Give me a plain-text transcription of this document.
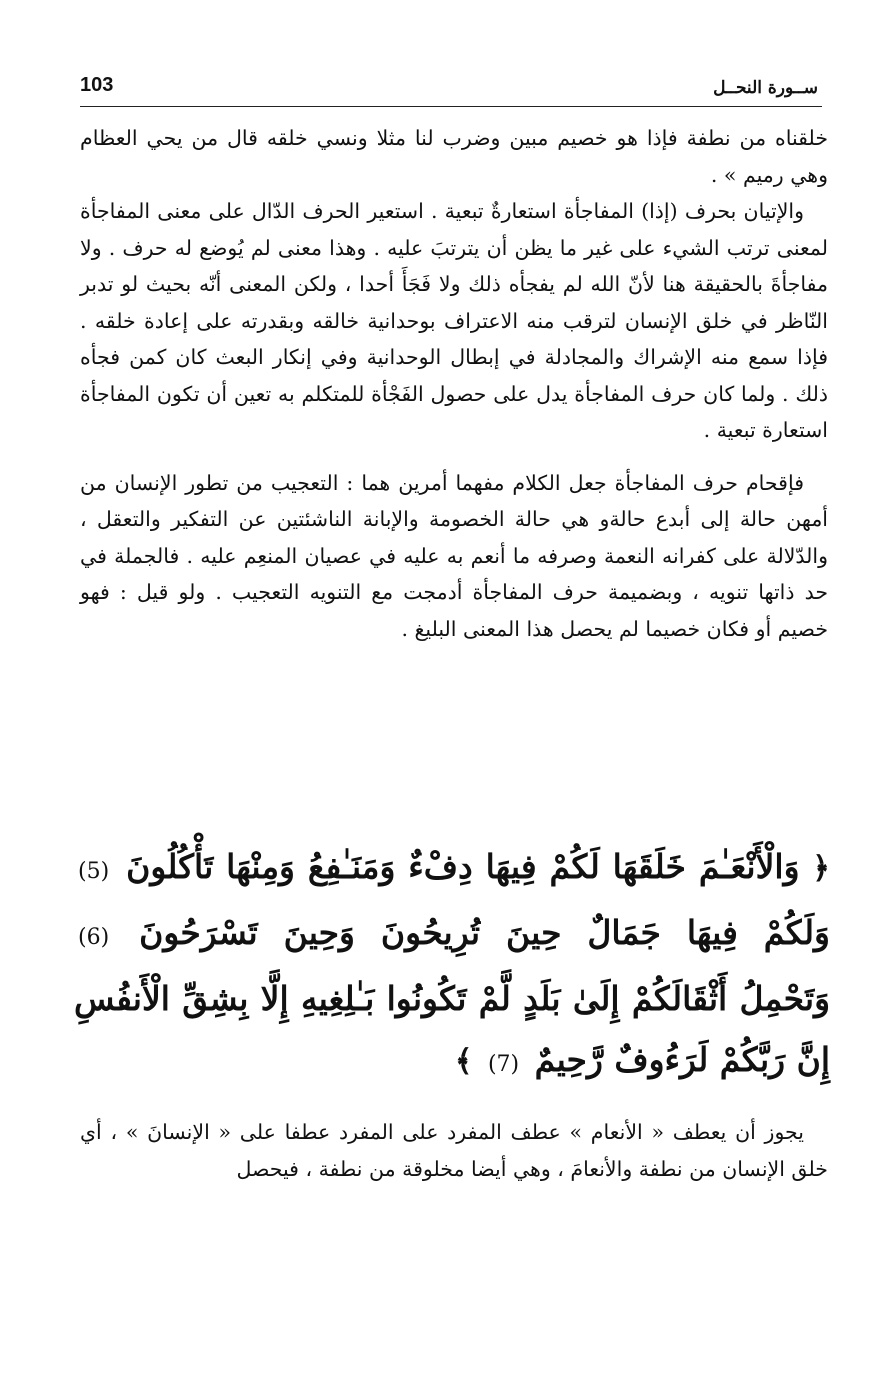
103	ســورة النحــل

خلقناه من نطفة فإذا هو خصيم مبين وضرب لنا مثلا ونسي خلقه قال من يحي العظام وهي رميم » .

والإتيان بحرف (إذا) المفاجأة استعارةٌ تبعية . استعير الحرف الدّال على معنى المفاجأة لمعنى ترتب الشيء على غير ما يظن أن يترتبَ عليه . وهذا معنى لم يُوضع له حرف . ولا مفاجأةَ بالحقيقة هنا لأنّ الله لم يفجأه ذلك ولا فَجَأَ أحدا ، ولكن المعنى أنّه بحيث لو تدبر النّاظر في خلق الإنسان لترقب منه الاعتراف بوحدانية خالقه وبقدرته على إعادة خلقه . فإذا سمع منه الإشراك والمجادلة في إبطال الوحدانية وفي إنكار البعث كان كمن فجأه ذلك . ولما كان حرف المفاجأة يدل على حصول الفَجْأة للمتكلم به تعين أن تكون المفاجأة استعارة تبعية .

فإقحام حرف المفاجأة جعل الكلام مفهما أمرين هما : التعجيب من تطور الإنسان من أمهن حالة إلى أبدع حالةو هي حالة الخصومة والإبانة الناشئتين عن التفكير والتعقل ، والدّلالة على كفرانه النعمة وصرفه ما أنعم به عليه في عصيان المنعِم عليه . فالجملة في حد ذاتها تنويه ، وبضميمة حرف المفاجأة أدمجت مع التنويه التعجيب . ولو قيل : فهو خصيم أو فكان خصيما لم يحصل هذا المعنى البليغ .

﴿ وَالْأَنْعَـٰمَ خَلَقَهَا لَكُمْ فِيهَا دِفْءٌ وَمَنَـٰفِعُ وَمِنْهَا تَأْكُلُونَ (5) وَلَكُمْ فِيهَا جَمَالٌ حِينَ تُرِيحُونَ وَحِينَ تَسْرَحُونَ (6) وَتَحْمِلُ أَثْقَالَكُمْ إِلَىٰ بَلَدٍ لَّمْ تَكُونُوا بَـٰلِغِيهِ إِلَّا بِشِقِّ الْأَنفُسِ إِنَّ رَبَّكُمْ لَرَءُوفٌ رَّحِيمٌ (7) ﴾

يجوز أن يعطف « الأنعام » عطف المفرد على المفرد عطفا على « الإنسانَ » ، أي خلق الإنسان من نطفة والأنعامَ ، وهي أيضا مخلوقة من نطفة ، فيحصل
